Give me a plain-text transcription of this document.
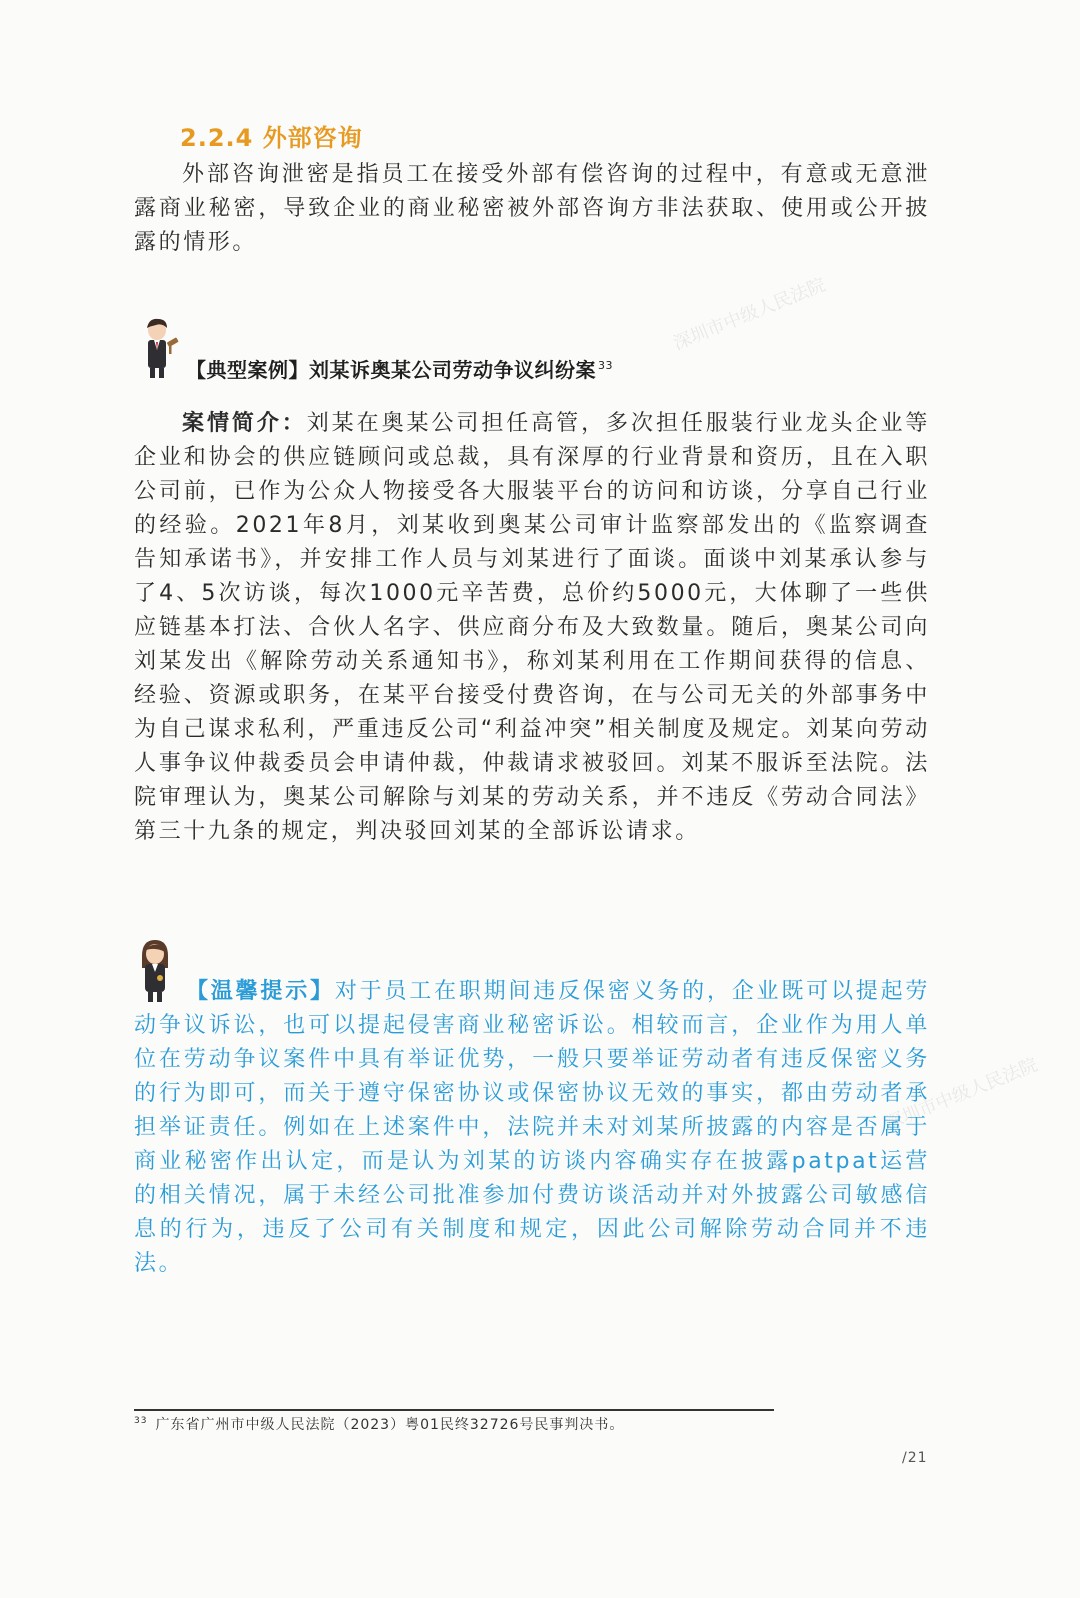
深圳市中级人民法院
深圳市中级人民法院
2.2.4 外部咨询

外部咨询泄密是指员工在接受外部有偿咨询的过程中，有意或无意泄露商业秘密，导致企业的商业秘密被外部咨询方非法获取、使用或公开披露的情形。

【典型案例】刘某诉奥某公司劳动争议纠纷案 $^{33}$

案情简介：刘某在奥某公司担任高管，多次担任服装行业龙头企业等企业和协会的供应链顾问或总裁，具有深厚的行业背景和资历，且在入职公司前，已作为公众人物接受各大服装平台的访问和访谈，分享自己行业的经验。2021年8月，刘某收到奥某公司审计监察部发出的《监察调查告知承诺书》，并安排工作人员与刘某进行了面谈。面谈中刘某承认参与了4、5次访谈，每次1000元辛苦费，总价约5000元，大体聊了一些供应链基本打法、合伙人名字、供应商分布及大致数量。随后，奥某公司向刘某发出《解除劳动关系通知书》，称刘某利用在工作期间获得的信息、经验、资源或职务，在某平台接受付费咨询，在与公司无关的外部事务中为自己谋求私利，严重违反公司“利益冲突”相关制度及规定。刘某向劳动人事争议仲裁委员会申请仲裁，仲裁请求被驳回。刘某不服诉至法院。法院审理认为，奥某公司解除与刘某的劳动关系，并不违反《劳动合同法》第三十九条的规定，判决驳回刘某的全部诉讼请求。

【温馨提示】对于员工在职期间违反保密义务的，企业既可以提起劳动争议诉讼，也可以提起侵害商业秘密诉讼。相较而言，企业作为用人单位在劳动争议案件中具有举证优势，一般只要举证劳动者有违反保密义务的行为即可，而关于遵守保密协议或保密协议无效的事实，都由劳动者承担举证责任。例如在上述案件中，法院并未对刘某所披露的内容是否属于商业秘密作出认定，而是认为刘某的访谈内容确实存在披露patpat运营的相关情况，属于未经公司批准参加付费访谈活动并对外披露公司敏感信息的行为，违反了公司有关制度和规定，因此公司解除劳动合同并不违法。

$^{33}$ 广东省广州市中级人民法院（2023）粤01民终32726号民事判决书。
/21
